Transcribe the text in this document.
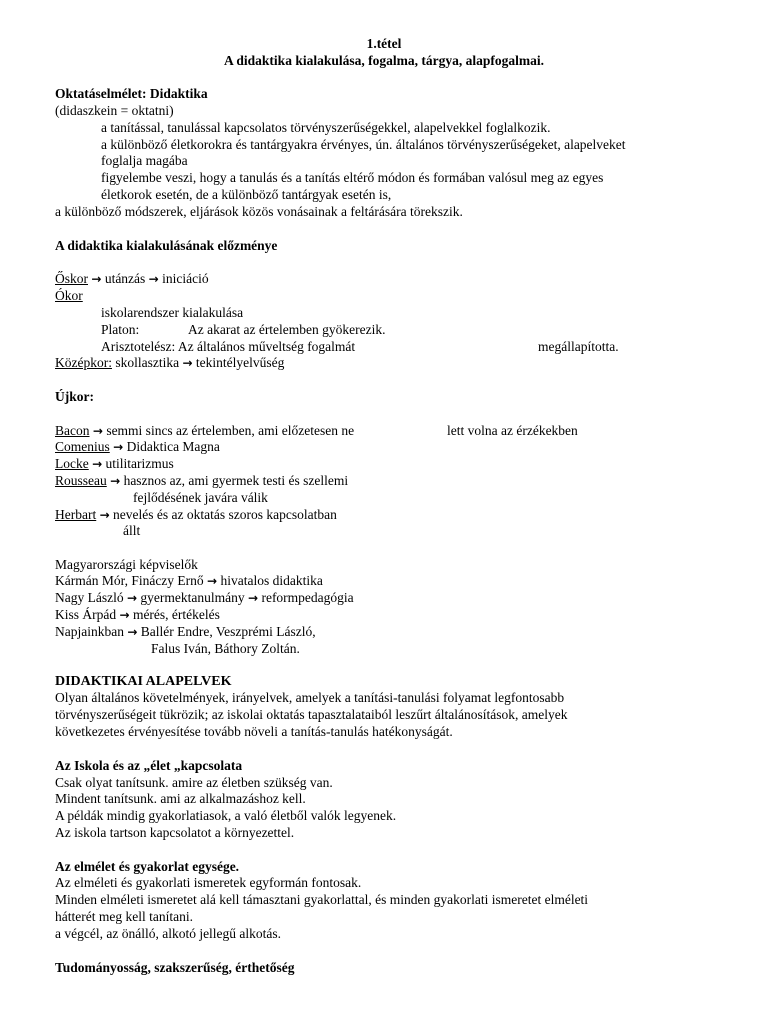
1.tétel
A didaktika kialakulása, fogalma, tárgya, alapfogalmai.
Oktatáselmélet: Didaktika
(didaszkein = oktatni)
a tanítással, tanulással kapcsolatos törvényszerűségekkel, alapelvekkel foglalkozik.
a különböző életkorokra és tantárgyakra érvényes, ún. általános törvényszerűségeket, alapelveket
foglalja magába
figyelembe veszi, hogy a tanulás és a tanítás eltérő módon és formában valósul meg az egyes
életkorok esetén, de a különböző tantárgyak esetén is,
a különböző módszerek, eljárások közös vonásainak a feltárására törekszik.
A didaktika kialakulásának előzménye
Őskor → utánzás → iniciáció
Ókor
iskolarendszer kialakulása
Platon:	Az akarat az értelemben gyökerezik.
Arisztotelész: Az általános műveltség fogalmát	megállapította.
Középkor: skollasztika → tekintélyelvűség
Újkor:
Bacon → semmi sincs az értelemben, ami előzetesen ne	lett volna az érzékekben
Comenius → Didaktica Magna
Locke → utilitarizmus
Rousseau → hasznos az, ami gyermek testi és szellemi
fejlődésének javára válik
Herbart → nevelés és az oktatás szoros kapcsolatban
állt
Magyarországi képviselők
Kármán Mór, Fináczy Ernő → hivatalos didaktika
Nagy László → gyermektanulmány → reformpedagógia
Kiss Árpád → mérés, értékelés
Napjainkban → Ballér Endre, Veszprémi László,
Falus Iván, Báthory Zoltán.
DIDAKTIKAI ALAPELVEK
Olyan általános követelmények, irányelvek, amelyek a tanítási-tanulási folyamat legfontosabb
törvényszerűségeit tükrözik; az iskolai oktatás tapasztalataiból leszűrt általánosítások, amelyek
következetes érvényesítése tovább növeli a tanítás-tanulás hatékonyságát.
Az Iskola és az „élet „kapcsolata
Csak olyat tanítsunk. amire az életben szükség van.
Mindent tanítsunk. ami az alkalmazáshoz kell.
A példák mindig gyakorlatiasok, a való életből valók legyenek.
Az iskola tartson kapcsolatot a környezettel.
Az elmélet és gyakorlat egysége.
Az elméleti és gyakorlati ismeretek egyformán fontosak.
Minden elméleti ismeretet alá kell támasztani gyakorlattal, és minden gyakorlati ismeretet elméleti
hátterét meg kell tanítani.
a végcél, az önálló, alkotó jellegű alkotás.
Tudományosság, szakszerűség, érthetőség
